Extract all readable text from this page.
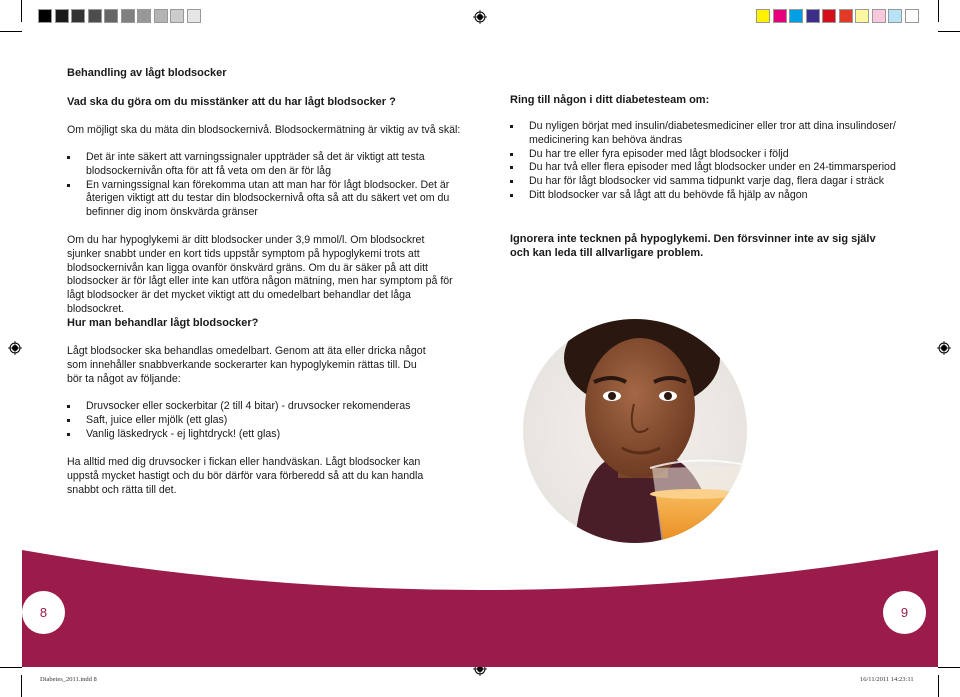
Behandling av lågt blodsocker
Vad ska du göra om du misstänker att du har lågt blodsocker ?
Om möjligt ska du mäta din blodsockernivå. Blodsockermätning är viktig av två skäl:
Det är inte säkert att varningssignaler uppträder så det är viktigt att testa blodsockernivån ofta för att få veta om den är för låg
En varningssignal kan förekomma utan att man har för lågt blodsocker. Det är återigen viktigt att du testar din blodsockernivå ofta så att du säkert vet om du befinner dig inom önskvärda gränser
Om du har hypoglykemi är ditt blodsocker under 3,9 mmol/l. Om blodsockret sjunker snabbt under en kort tids uppstår symptom på hypoglykemi trots att blodsockernivån kan ligga ovanför önskvärd gräns. Om du är säker på att ditt blodsocker är för lågt eller inte kan utföra någon mätning, men har symptom på för lågt blodsocker är det mycket viktigt att du omedelbart behandlar det låga blodsockret.
Hur man behandlar lågt blodsocker?
Lågt blodsocker ska behandlas omedelbart. Genom att äta eller dricka något som innehåller snabbverkande sockerarter kan hypoglykemin rättas till. Du bör ta något av följande:
Druvsocker eller sockerbitar (2 till 4 bitar) - druvsocker rekomenderas
Saft, juice eller mjölk (ett glas)
Vanlig läskedryck - ej lightdryck! (ett glas)
Ha alltid med dig druvsocker i fickan eller handväskan. Lågt blodsocker kan uppstå mycket hastigt och du bör därför vara förberedd så att du kan handla snabbt och rätta till det.
Ring till någon i ditt diabetesteam om:
Du nyligen börjat med insulin/diabetesmediciner eller tror att dina insulindoser/ medicinering kan behöva ändras
Du har tre eller fyra episoder med lågt blodsocker i följd
Du har två eller flera episoder med lågt blodsocker under en 24-timmarsperiod
Du har för lågt blodsocker vid samma tidpunkt varje dag, flera dagar i sträck
Ditt blodsocker var så lågt att du behövde få hjälp av någon
Ignorera inte tecknen på hypoglykemi. Den försvinner inte av sig själv och kan leda till allvarligare problem.
8	9
Diabetes_2011.indd 8	16/11/2011 14:23:11
